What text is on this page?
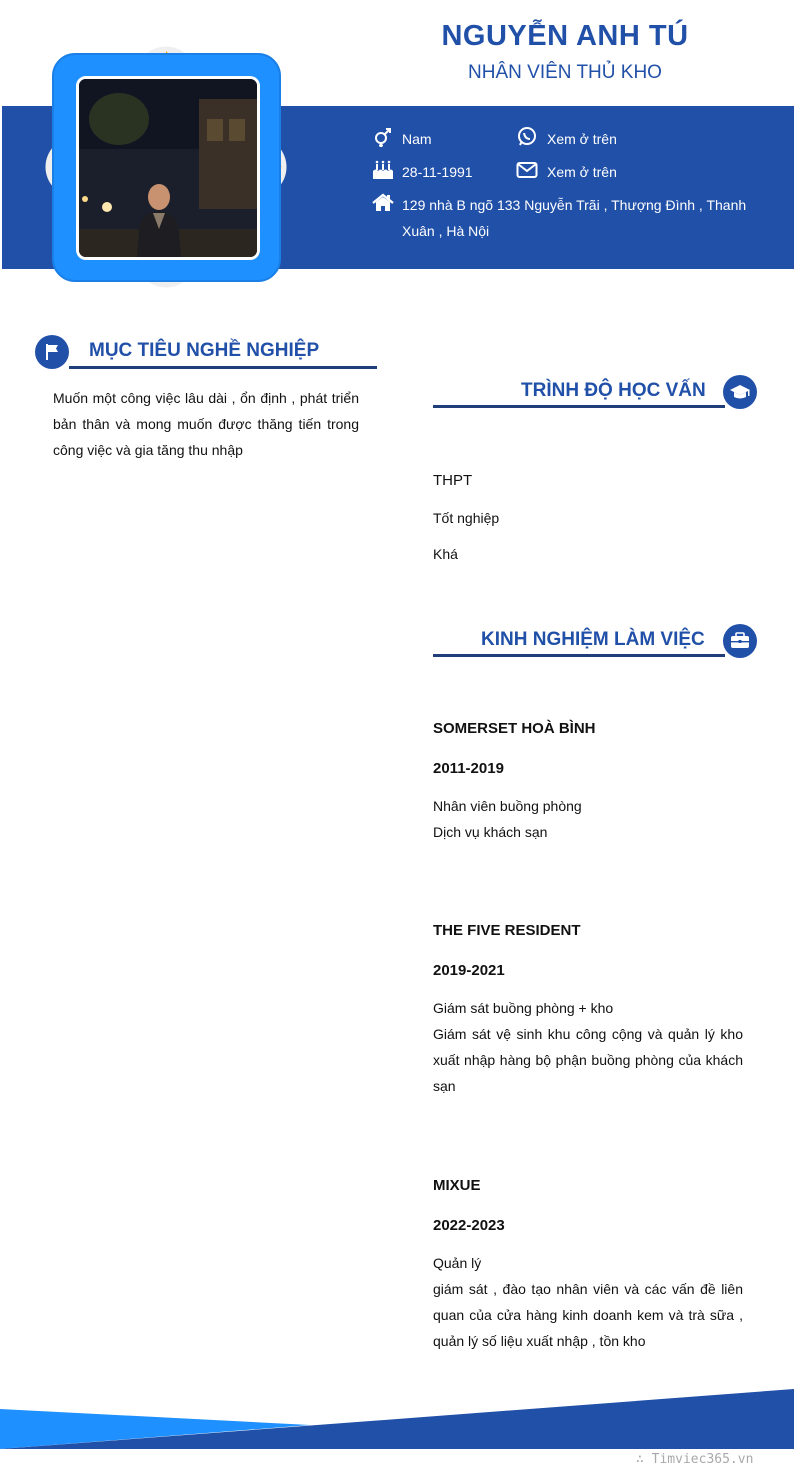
NGUYỄN ANH TÚ
NHÂN VIÊN THỦ KHO
Nam	Xem ở trên
28-11-1991	Xem ở trên
129 nhà B ngõ 133 Nguyễn Trãi , Thượng Đình , Thanh
Xuân , Hà Nội
MỤC TIÊU NGHỀ NGHIỆP
Muốn một công việc lâu dài , ổn định , phát triển bản thân và mong muốn được thăng tiến trong công việc và gia tăng thu nhập
TRÌNH ĐỘ HỌC VẤN
THPT
Tốt nghiệp
Khá
KINH NGHIỆM LÀM VIỆC
SOMERSET HOÀ BÌNH
2011-2019
Nhân viên buồng phòng
Dịch vụ khách sạn
THE FIVE RESIDENT
2019-2021
Giám sát buồng phòng + kho
Giám sát vệ sinh khu công cộng và quản lý kho xuất nhập hàng bộ phận buồng phòng của khách sạn
MIXUE
2022-2023
Quản lý
giám sát , đào tạo nhân viên và các vấn đề liên quan của cửa hàng kinh doanh kem và trà sữa , quản lý số liệu xuất nhập , tồn kho
∴ Timviec365.vn
